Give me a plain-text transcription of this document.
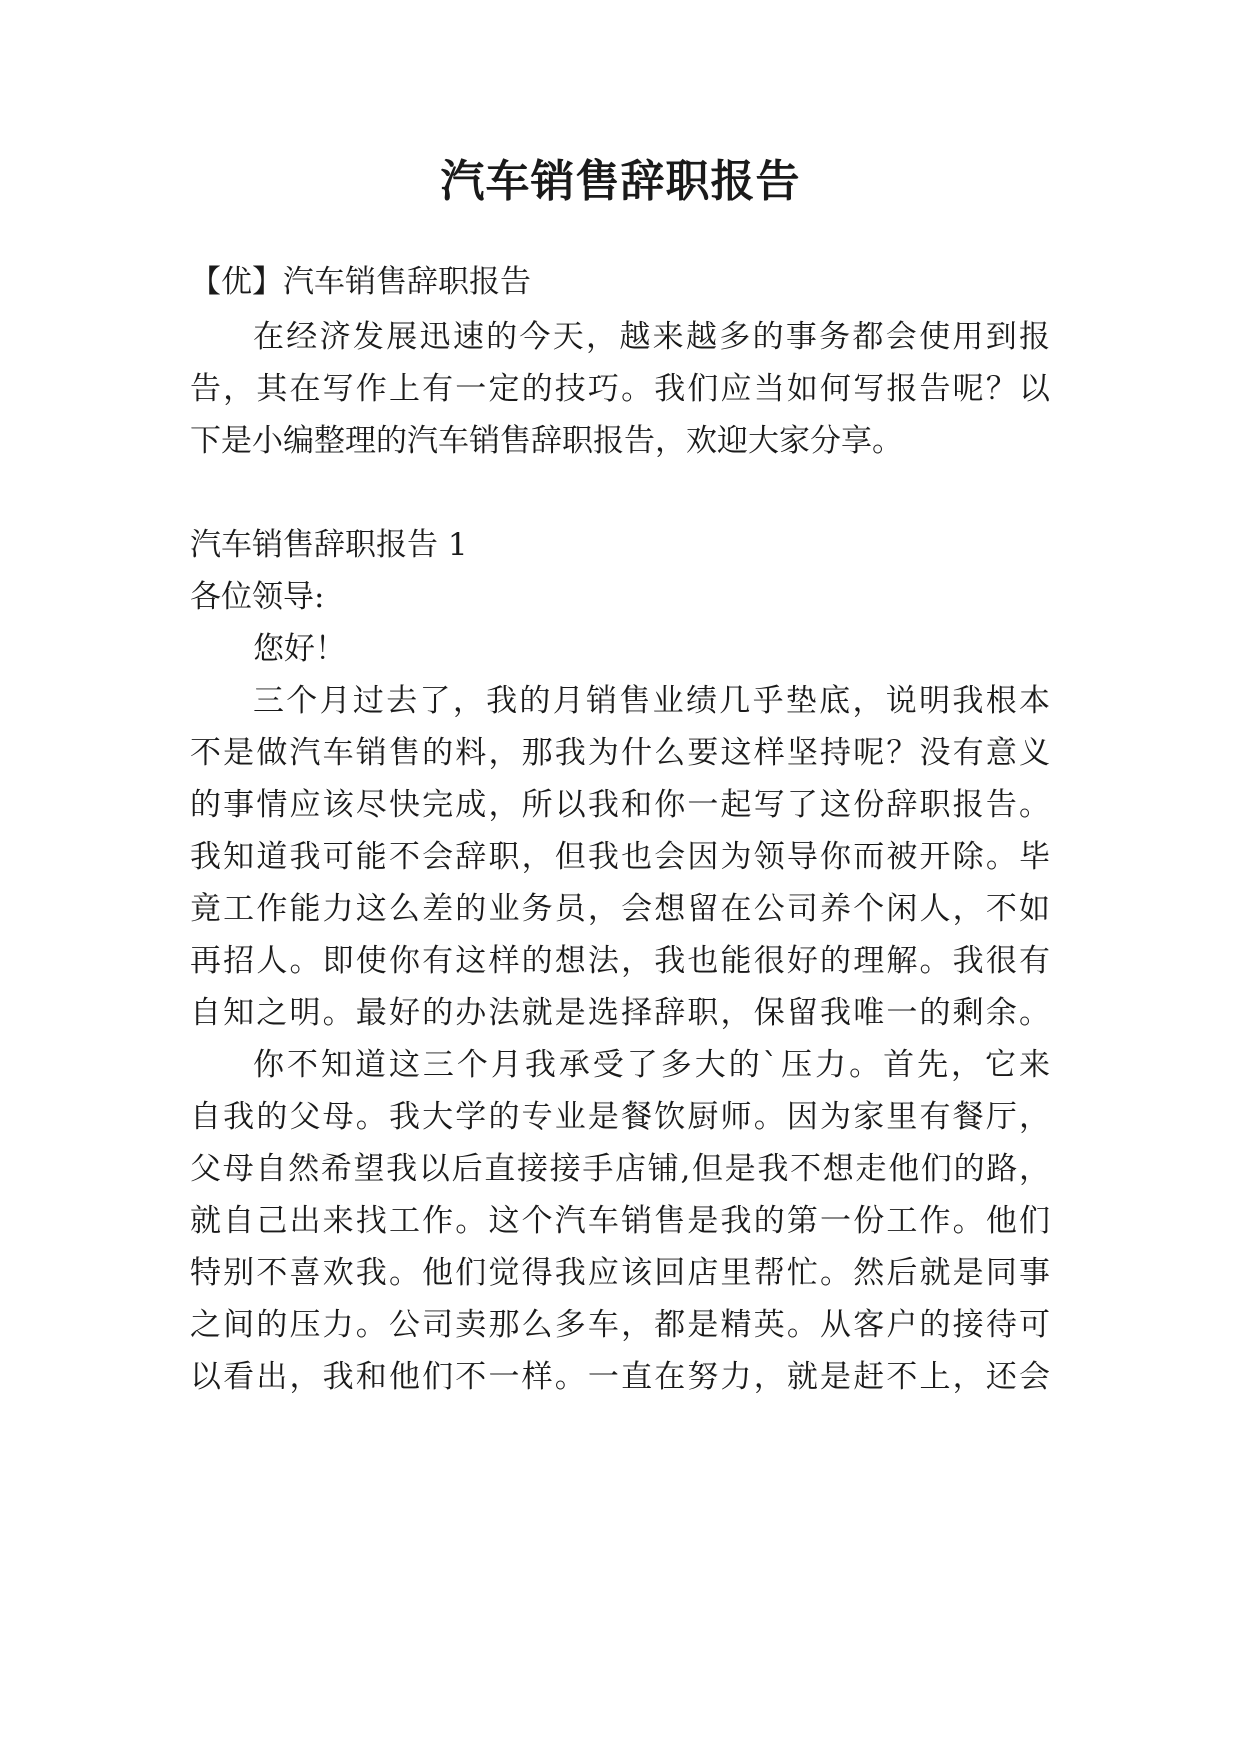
汽车销售辞职报告
【优】汽车销售辞职报告
在经济发展迅速的今天，越来越多的事务都会使用到报
告，其在写作上有一定的技巧。我们应当如何写报告呢？以
下是小编整理的汽车销售辞职报告，欢迎大家分享。
汽车销售辞职报告 1
各位领导:
您好！
三个月过去了，我的月销售业绩几乎垫底，说明我根本
不是做汽车销售的料，那我为什么要这样坚持呢？没有意义
的事情应该尽快完成，所以我和你一起写了这份辞职报告。
我知道我可能不会辞职，但我也会因为领导你而被开除。毕
竟工作能力这么差的业务员，会想留在公司养个闲人，不如
再招人。即使你有这样的想法，我也能很好的理解。我很有
自知之明。最好的办法就是选择辞职，保留我唯一的剩余。
你不知道这三个月我承受了多大的`压力。首先，它来
自我的父母。我大学的专业是餐饮厨师。因为家里有餐厅，
父母自然希望我以后直接接手店铺,但是我不想走他们的路，
就自己出来找工作。这个汽车销售是我的第一份工作。他们
特别不喜欢我。他们觉得我应该回店里帮忙。然后就是同事
之间的压力。公司卖那么多车，都是精英。从客户的接待可
以看出，我和他们不一样。一直在努力，就是赶不上，还会
